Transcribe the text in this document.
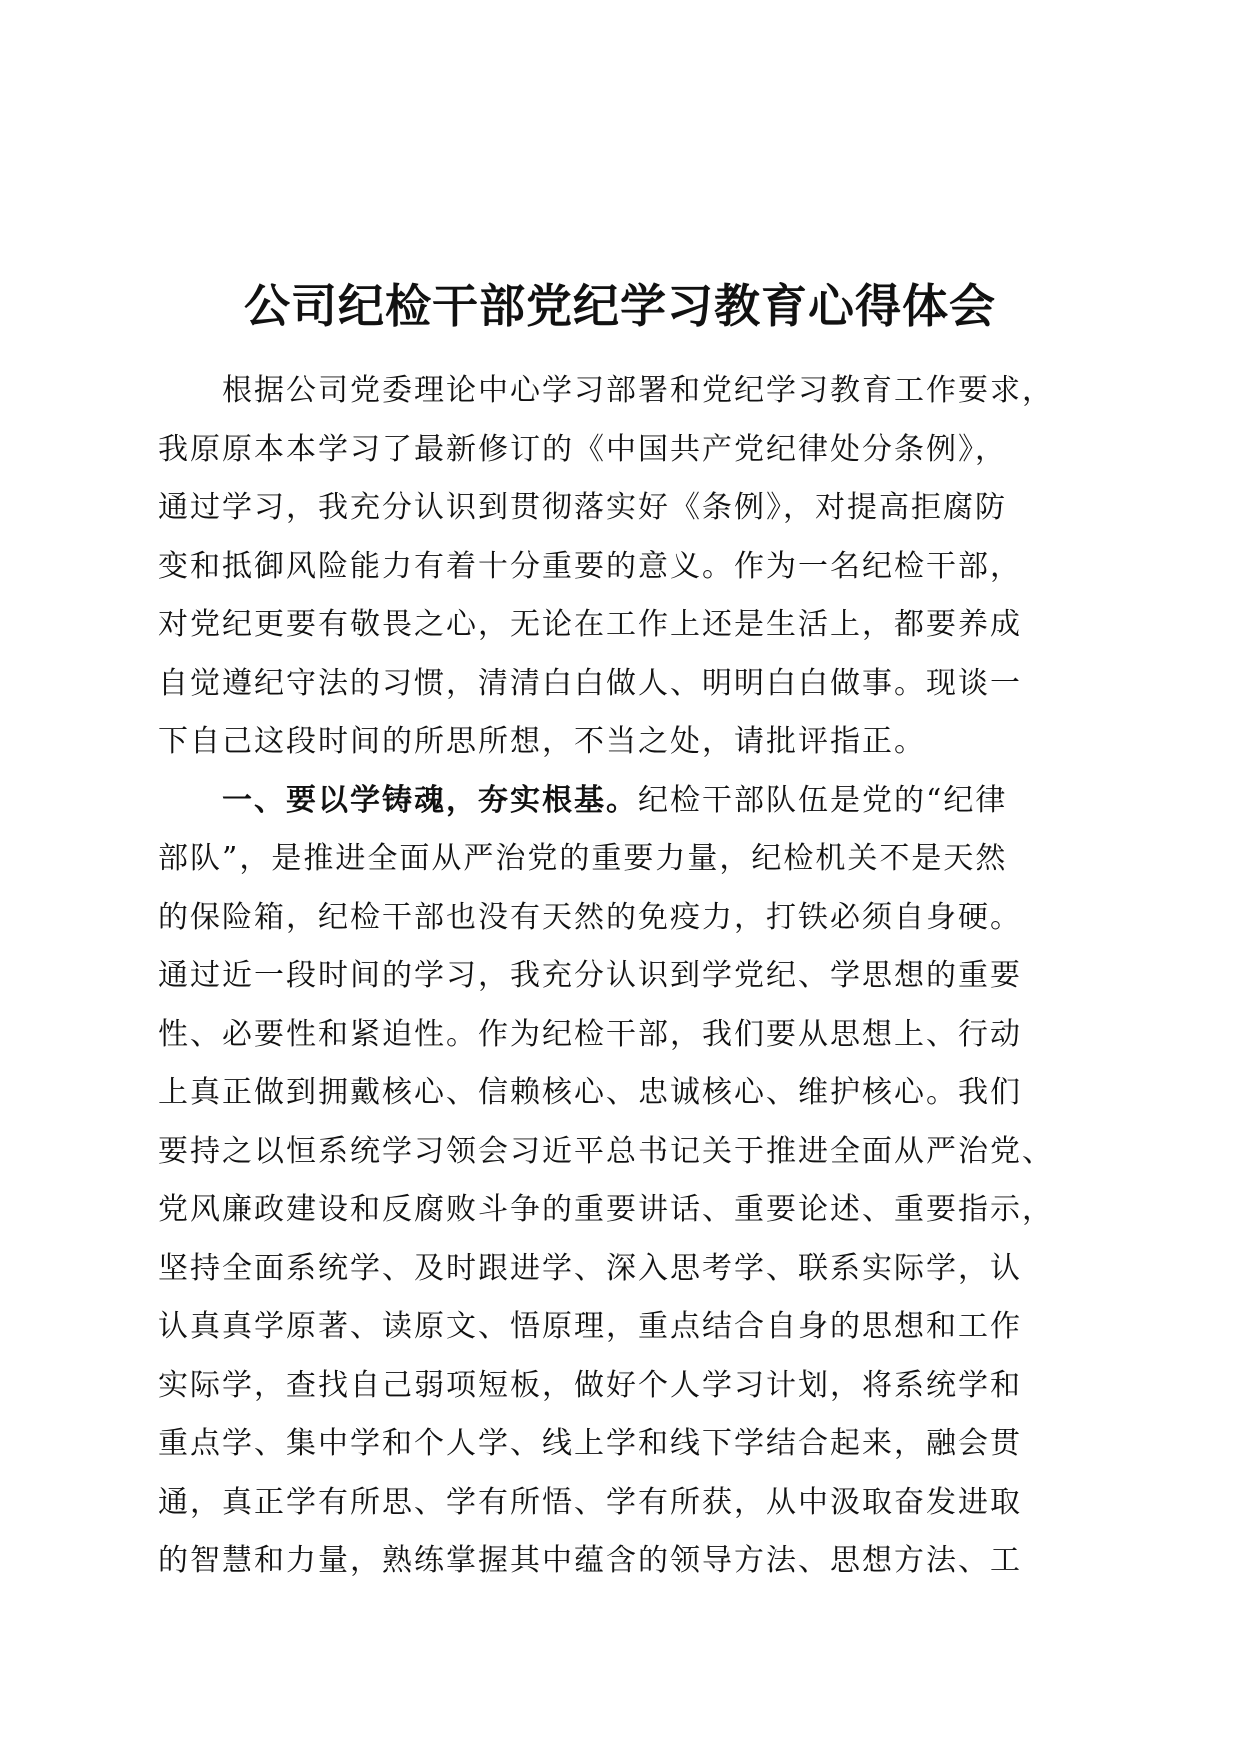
公司纪检干部党纪学习教育心得体会

根据公司党委理论中心学习部署和党纪学习教育工作要求，

我原原本本学习了最新修订的《中国共产党纪律处分条例》，

通过学习，我充分认识到贯彻落实好《条例》，对提高拒腐防

变和抵御风险能力有着十分重要的意义。作为一名纪检干部，

对党纪更要有敬畏之心，无论在工作上还是生活上，都要养成

自觉遵纪守法的习惯，清清白白做人、明明白白做事。现谈一

下自己这段时间的所思所想，不当之处，请批评指正。

一、要以学铸魂，夯实根基。纪检干部队伍是党的“纪律

部队”，是推进全面从严治党的重要力量，纪检机关不是天然

的保险箱，纪检干部也没有天然的免疫力，打铁必须自身硬。

通过近一段时间的学习，我充分认识到学党纪、学思想的重要

性、必要性和紧迫性。作为纪检干部，我们要从思想上、行动

上真正做到拥戴核心、信赖核心、忠诚核心、维护核心。我们

要持之以恒系统学习领会习近平总书记关于推进全面从严治党、

党风廉政建设和反腐败斗争的重要讲话、重要论述、重要指示，

坚持全面系统学、及时跟进学、深入思考学、联系实际学，认

认真真学原著、读原文、悟原理，重点结合自身的思想和工作

实际学，查找自己弱项短板，做好个人学习计划，将系统学和

重点学、集中学和个人学、线上学和线下学结合起来，融会贯

通，真正学有所思、学有所悟、学有所获，从中汲取奋发进取

的智慧和力量，熟练掌握其中蕴含的领导方法、思想方法、工
